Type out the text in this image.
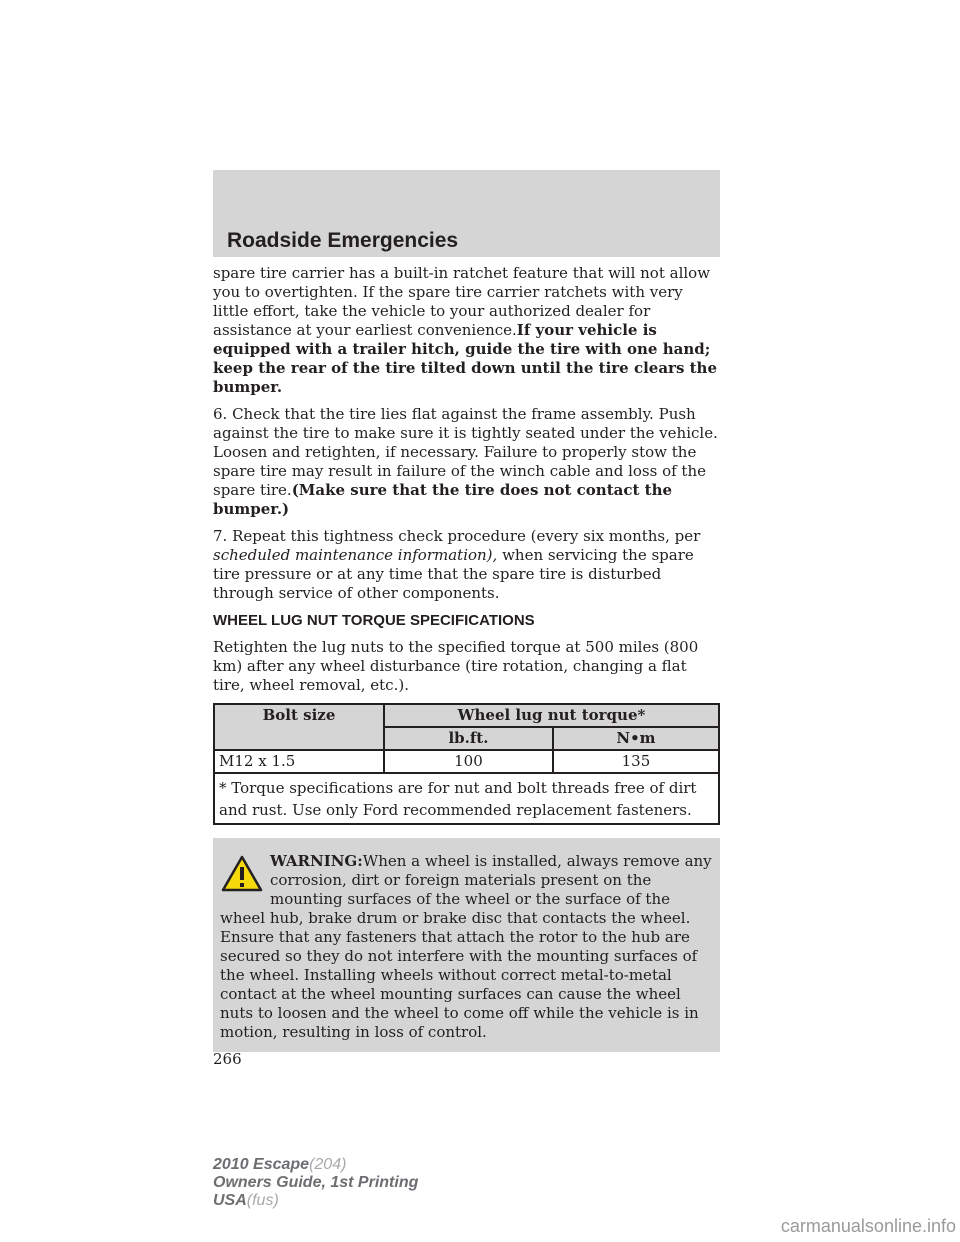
Roadside Emergencies

spare tire carrier has a built-in ratchet feature that will not allow you to overtighten. If the spare tire carrier ratchets with very little effort, take the vehicle to your authorized dealer for assistance at your earliest convenience.If your vehicle is equipped with a trailer hitch, guide the tire with one hand; keep the rear of the tire tilted down until the tire clears the bumper.

6. Check that the tire lies flat against the frame assembly. Push against the tire to make sure it is tightly seated under the vehicle. Loosen and retighten, if necessary. Failure to properly stow the spare tire may result in failure of the winch cable and loss of the spare tire.(Make sure that the tire does not contact the bumper.)

7. Repeat this tightness check procedure (every six months, per scheduled maintenance information), when servicing the spare tire pressure or at any time that the spare tire is disturbed through service of other components.

WHEEL LUG NUT TORQUE SPECIFICATIONS

Retighten the lug nuts to the specified torque at 500 miles (800 km) after any wheel disturbance (tire rotation, changing a flat tire, wheel removal, etc.).

Bolt size	Wheel lug nut torque*	
	lb.ft.	N•m
M12 x 1.5	100	135
* Torque specifications are for nut and bolt threads free of dirt and rust. Use only Ford recommended replacement fasteners.		
WARNING:When a wheel is installed, always remove any corrosion, dirt or foreign materials present on the mounting surfaces of the wheel or the surface of the wheel hub, brake drum or brake disc that contacts the wheel. Ensure that any fasteners that attach the rotor to the hub are secured so they do not interfere with the mounting surfaces of the wheel. Installing wheels without correct metal-to-metal contact at the wheel mounting surfaces can cause the wheel nuts to loosen and the wheel to come off while the vehicle is in motion, resulting in loss of control.
266
2010 Escape(204)
Owners Guide, 1st Printing
USA(fus)
carmanualsonline.info
